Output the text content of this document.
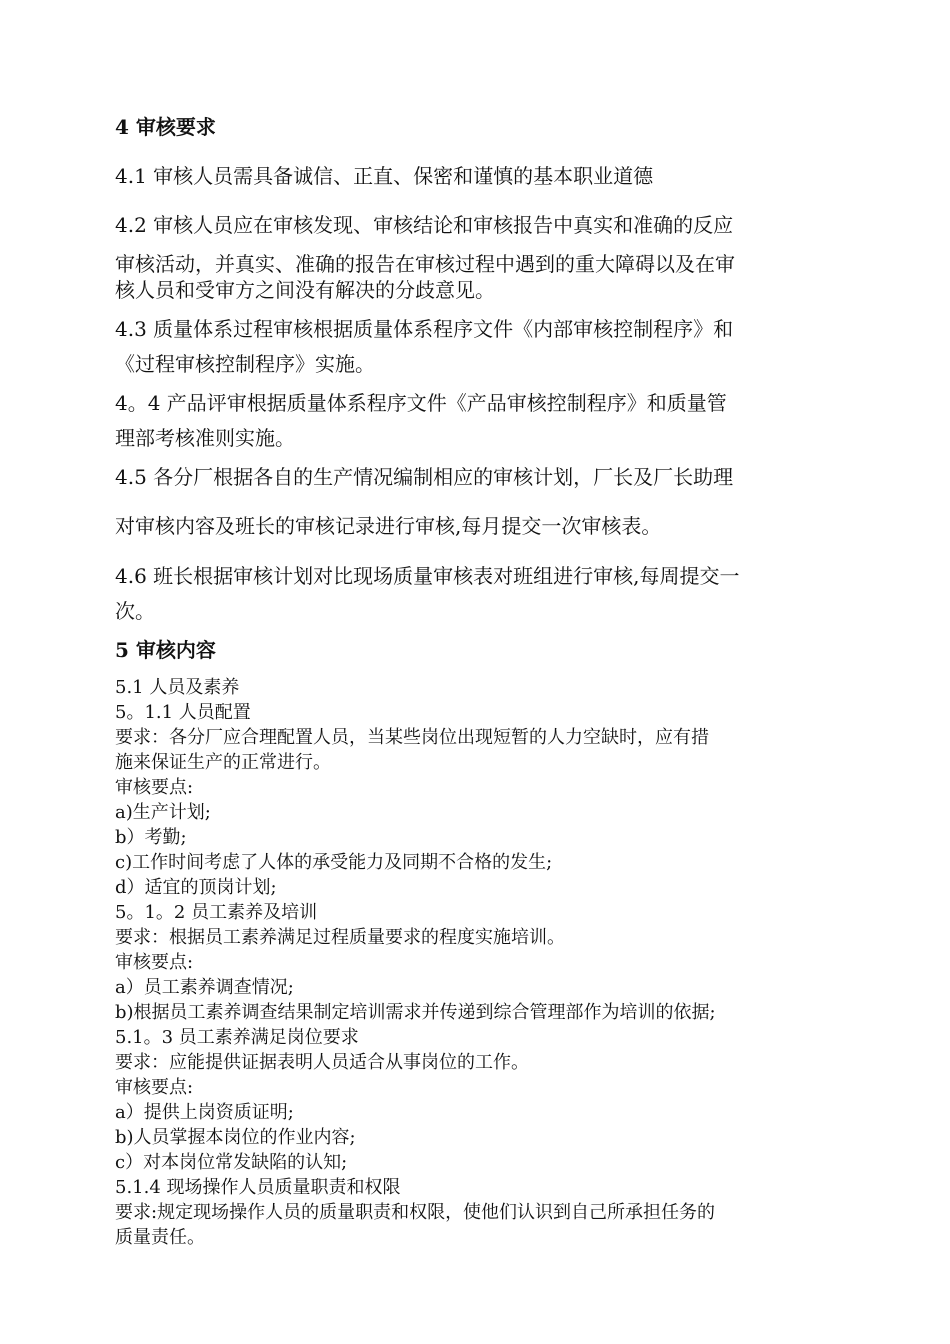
4 审核要求
4.1 审核人员需具备诚信、正直、保密和谨慎的基本职业道德
4.2 审核人员应在审核发现、审核结论和审核报告中真实和准确的反应
审核活动，并真实、准确的报告在审核过程中遇到的重大障碍以及在审
核人员和受审方之间没有解决的分歧意见。
4.3 质量体系过程审核根据质量体系程序文件《内部审核控制程序》和
《过程审核控制程序》实施。
4。4 产品评审根据质量体系程序文件《产品审核控制程序》和质量管
理部考核准则实施。
4.5 各分厂根据各自的生产情况编制相应的审核计划，厂长及厂长助理
对审核内容及班长的审核记录进行审核,每月提交一次审核表。
4.6 班长根据审核计划对比现场质量审核表对班组进行审核,每周提交一
次。
5 审核内容
5.1 人员及素养
5。1.1 人员配置
要求：各分厂应合理配置人员，当某些岗位出现短暂的人力空缺时，应有措
施来保证生产的正常进行。
审核要点:
a)生产计划;
b）考勤;
c)工作时间考虑了人体的承受能力及同期不合格的发生;
d）适宜的顶岗计划;
5。1。2 员工素养及培训
要求：根据员工素养满足过程质量要求的程度实施培训。
审核要点:
a）员工素养调查情况;
b)根据员工素养调查结果制定培训需求并传递到综合管理部作为培训的依据;
5.1。3 员工素养满足岗位要求
要求：应能提供证据表明人员适合从事岗位的工作。
审核要点:
a）提供上岗资质证明;
b)人员掌握本岗位的作业内容;
c）对本岗位常发缺陷的认知;
5.1.4 现场操作人员质量职责和权限
要求:规定现场操作人员的质量职责和权限，使他们认识到自己所承担任务的
质量责任。
